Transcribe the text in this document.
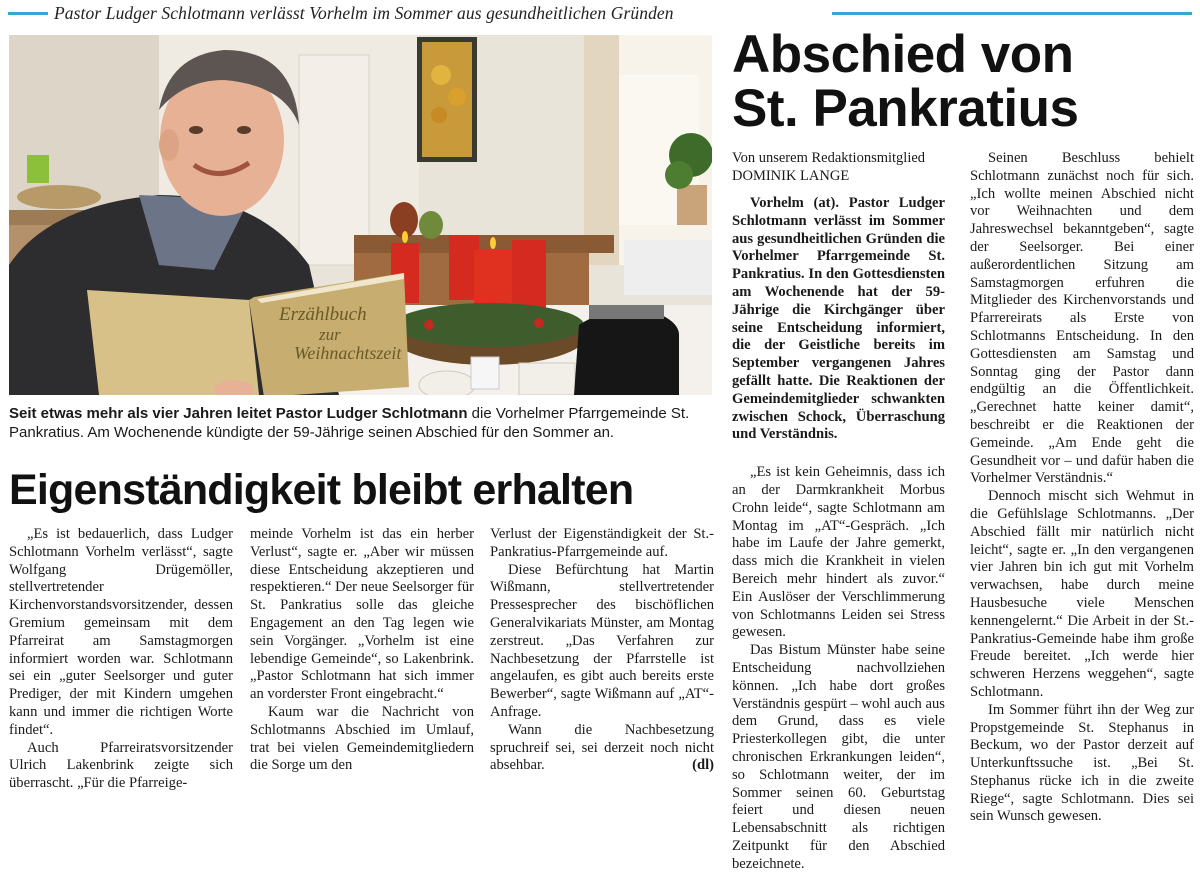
Pastor Ludger Schlotmann verlässt Vorhelm im Sommer aus gesundheitlichen Gründen
Erzählbuch
zur
Weihnachtszeit
Seit etwas mehr als vier Jahren leitet Pastor Ludger Schlotmann die Vorhelmer Pfarrgemeinde St. Pankratius. Am Wochenende kündigte der 59-Jährige seinen Abschied für den Sommer an.
Abschied von
St. Pankratius
Eigenständigkeit bleibt erhalten
Von unserem Redaktionsmitglied
DOMINIK LANGE

Vorhelm (at). Pastor Ludger Schlotmann verlässt im Sommer aus gesundheitlichen Gründen die Vorhelmer Pfarrgemeinde St. Pankratius. In den Gottesdiensten am Wochenende hat der 59-Jährige die Kirchgänger über seine Entscheidung informiert, die der Geistliche bereits im September vergangenen Jahres gefällt hatte. Die Reaktionen der Gemeindemitglieder schwankten zwischen Schock, Überraschung und Verständnis.

„Es ist kein Geheimnis, dass ich an der Darmkrankheit Morbus Crohn leide“, sagte Schlotmann am Montag im „AT“-Gespräch. „Ich habe im Laufe der Jahre gemerkt, dass mich die Krankheit in vielen Bereich mehr hindert als zuvor.“ Ein Auslöser der Verschlimmerung von Schlotmanns Leiden sei Stress gewesen.

Das Bistum Münster habe seine Entscheidung nachvollziehen können. „Ich habe dort großes Verständnis gespürt – wohl auch aus dem Grund, dass es viele Priesterkollegen gibt, die unter chronischen Erkrankungen leiden“, so Schlotmann weiter, der im Sommer seinen 60. Geburtstag feiert und diesen neuen Lebensabschnitt als richtigen Zeitpunkt für den Abschied bezeichnete.

Seinen Beschluss behielt Schlotmann zunächst noch für sich. „Ich wollte meinen Abschied nicht vor Weihnachten und dem Jahreswechsel bekanntgeben“, sagte der Seelsorger. Bei einer außerordentlichen Sitzung am Samstagmorgen erfuhren die Mitglieder des Kirchenvorstands und Pfarrereirats als Erste von Schlotmanns Entscheidung. In den Gottesdiensten am Samstag und Sonntag ging der Pastor dann endgültig an die Öffentlichkeit. „Gerechnet hatte keiner damit“, beschreibt er die Reaktionen der Gemeinde. „Am Ende geht die Gesundheit vor – und dafür haben die Vorhelmer Verständnis.“

Dennoch mischt sich Wehmut in die Gefühlslage Schlotmanns. „Der Abschied fällt mir natürlich nicht leicht“, sagte er. „In den vergangenen vier Jahren bin ich gut mit Vorhelm verwachsen, habe durch meine Hausbesuche viele Menschen kennengelernt.“ Die Arbeit in der St.-Pankratius-Gemeinde habe ihm große Freude bereitet. „Ich werde hier schweren Herzens weggehen“, sagte Schlotmann.

Im Sommer führt ihn der Weg zur Propstgemeinde St. Stephanus in Beckum, wo der Pastor derzeit auf Unterkunftssuche ist. „Bei St. Stephanus rücke ich in die zweite Riege“, sagte Schlotmann. Dies sei sein Wunsch gewesen.

„Es ist bedauerlich, dass Ludger Schlotmann Vorhelm verlässt“, sagte Wolfgang Drügemöller, stellvertretender Kirchenvorstandsvorsitzender, dessen Gremium gemeinsam mit dem Pfarreirat am Samstagmorgen informiert worden war. Schlotmann sei ein „guter Seelsorger und guter Prediger, der mit Kindern umgehen kann und immer die richtigen Worte findet“.

Auch Pfarreiratsvorsitzender Ulrich Lakenbrink zeigte sich überrascht. „Für die Pfarreige-

meinde Vorhelm ist das ein herber Verlust“, sagte er. „Aber wir müssen diese Entscheidung akzeptieren und respektieren.“ Der neue Seelsorger für St. Pankratius solle das gleiche Engagement an den Tag legen wie sein Vorgänger. „Vorhelm ist eine lebendige Gemeinde“, so Lakenbrink. „Pastor Schlotmann hat sich immer an vorderster Front eingebracht.“

Kaum war die Nachricht von Schlotmanns Abschied im Umlauf, trat bei vielen Gemeindemitgliedern die Sorge um den

Verlust der Eigenständigkeit der St.-Pankratius-Pfarrgemeinde auf.

Diese Befürchtung hat Martin Wißmann, stellvertretender Pressesprecher des bischöflichen Generalvikariats Münster, am Montag zerstreut. „Das Verfahren zur Nachbesetzung der Pfarrstelle ist angelaufen, es gibt auch bereits erste Bewerber“, sagte Wißmann auf „AT“-Anfrage.

Wann die Nachbesetzung spruchreif sei, sei derzeit noch nicht absehbar.	(dl)
